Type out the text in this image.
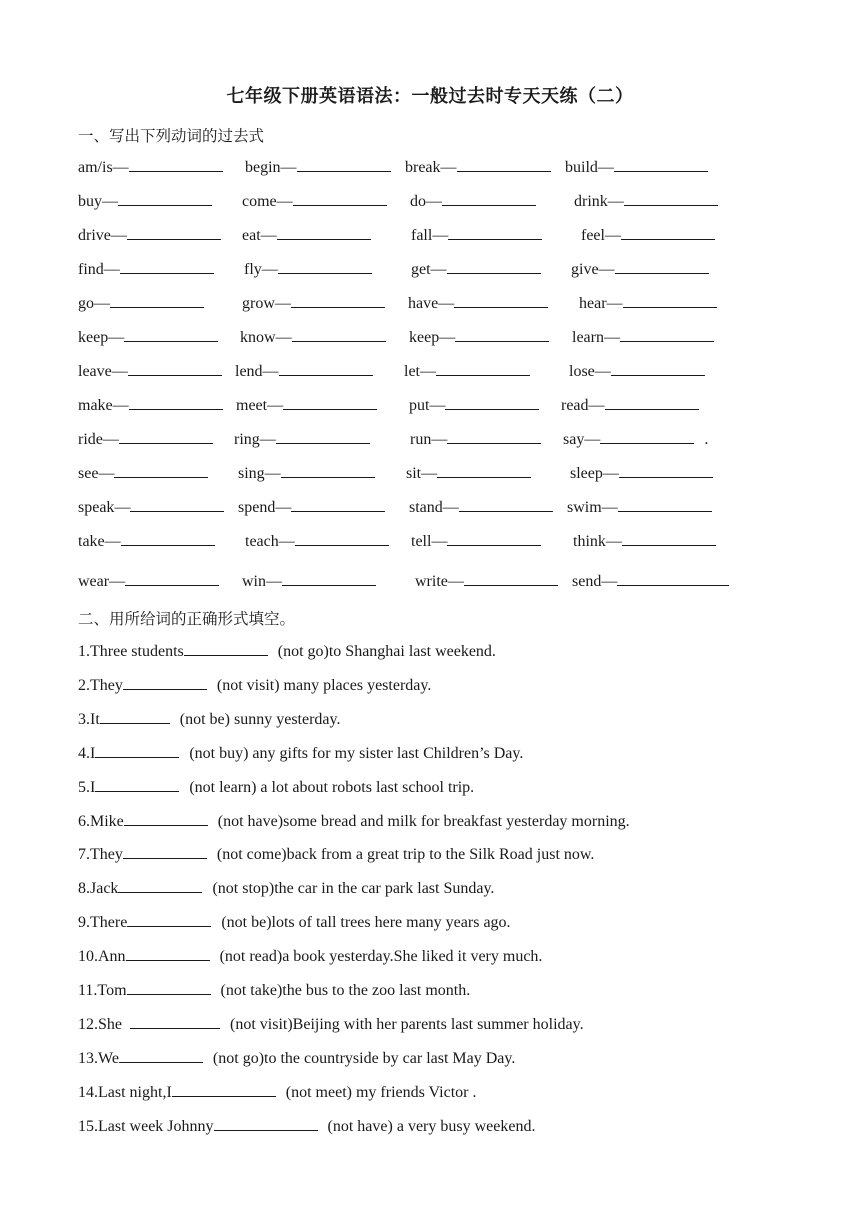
七年级下册英语语法：一般过去时专天天练（二）
一、写出下列动词的过去式
am/is—	begin—	break—	build—
buy—	come—	do—	drink—
drive—	eat—	fall—	feel—
find—	fly—	get—	give—
go—	grow—	have—	hear—
keep—	know—	keep—	learn—
leave—	lend—	let—	lose—
make—	meet—	put—	read—
ride—	ring—	run—	say—	.
see—	sing—	sit—	sleep—
speak—	spend—	stand—	swim—
take—	teach—	tell—	think—
wear—	win—	write—	send—
二、用所给词的正确形式填空。
1.Three students	(not go)to Shanghai last weekend.
2.They	(not visit) many places yesterday.
3.It	(not be) sunny yesterday.
4.I	(not buy) any gifts for my sister last Children’s Day.
5.I	(not learn) a lot about robots last school trip.
6.Mike	(not have)some bread and milk for breakfast yesterday morning.
7.They	(not come)back from a great trip to the Silk Road just now.
8.Jack	(not stop)the car in the car park last Sunday.
9.There	(not be)lots of tall trees here many years ago.
10.Ann	(not read)a book yesterday.She liked it very much.
11.Tom	(not take)the bus to the zoo last month.
12.She	(not visit)Beijing with her parents last summer holiday.
13.We	(not go)to the countryside by car last May Day.
14.Last night,I	(not meet) my friends Victor .
15.Last week Johnny	(not have) a very busy weekend.
